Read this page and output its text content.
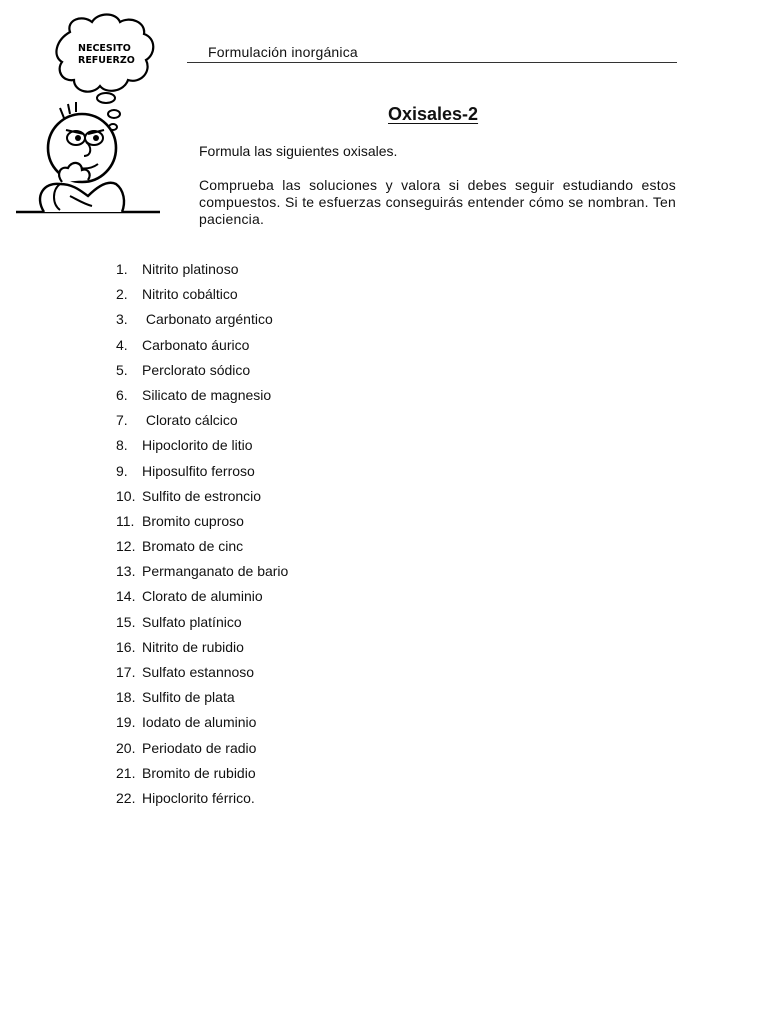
Formulación inorgánica
NECESITO
REFUERZO
Oxisales-2
Formula las siguientes oxisales.
Comprueba las soluciones y valora si debes seguir estudiando estos compuestos. Si te esfuerzas conseguirás entender cómo se nombran. Ten paciencia.
1.	Nitrito platinoso
2.	Nitrito cobáltico
3.	Carbonato argéntico
4.	Carbonato áurico
5.	Perclorato sódico
6.	Silicato de magnesio
7.	Clorato cálcico
8.	Hipoclorito de litio
9.	Hiposulfito ferroso
10. Sulfito de estroncio
11. Bromito cuproso
12. Bromato de cinc
13. Permanganato de bario
14. Clorato de aluminio
15. Sulfato platínico
16. Nitrito de rubidio
17. Sulfato estannoso
18. Sulfito de plata
19. Iodato de aluminio
20. Periodato de radio
21. Bromito de rubidio
22. Hipoclorito férrico.
